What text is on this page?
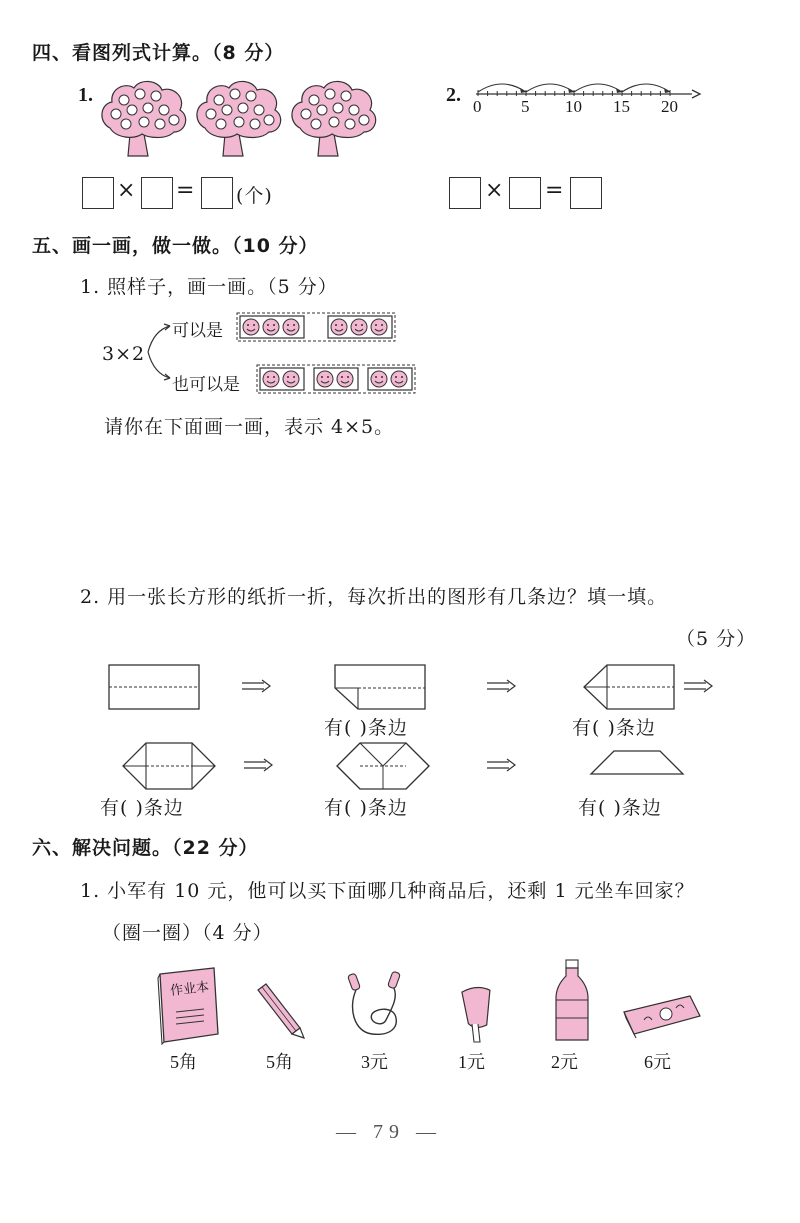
四、看图列式计算。（8 分）
1.	2.
0 5 10 15 20
× = (个)	× =
五、画一画，做一做。（10 分）
1. 照样子，画一画。（5 分）
3×2
可以是
也可以是
请你在下面画一画，表示 4×5。
2. 用一张长方形的纸折一折，每次折出的图形有几条边？填一填。
（5 分）
有( )条边	有( )条边
有( )条边	有( )条边	有( )条边
六、解决问题。（22 分）
1. 小军有 10 元，他可以买下面哪几种商品后，还剩 1 元坐车回家？
（圈一圈）（4 分）
作业本
5角	5角	3元	1元	2元	6元
— 79 —
